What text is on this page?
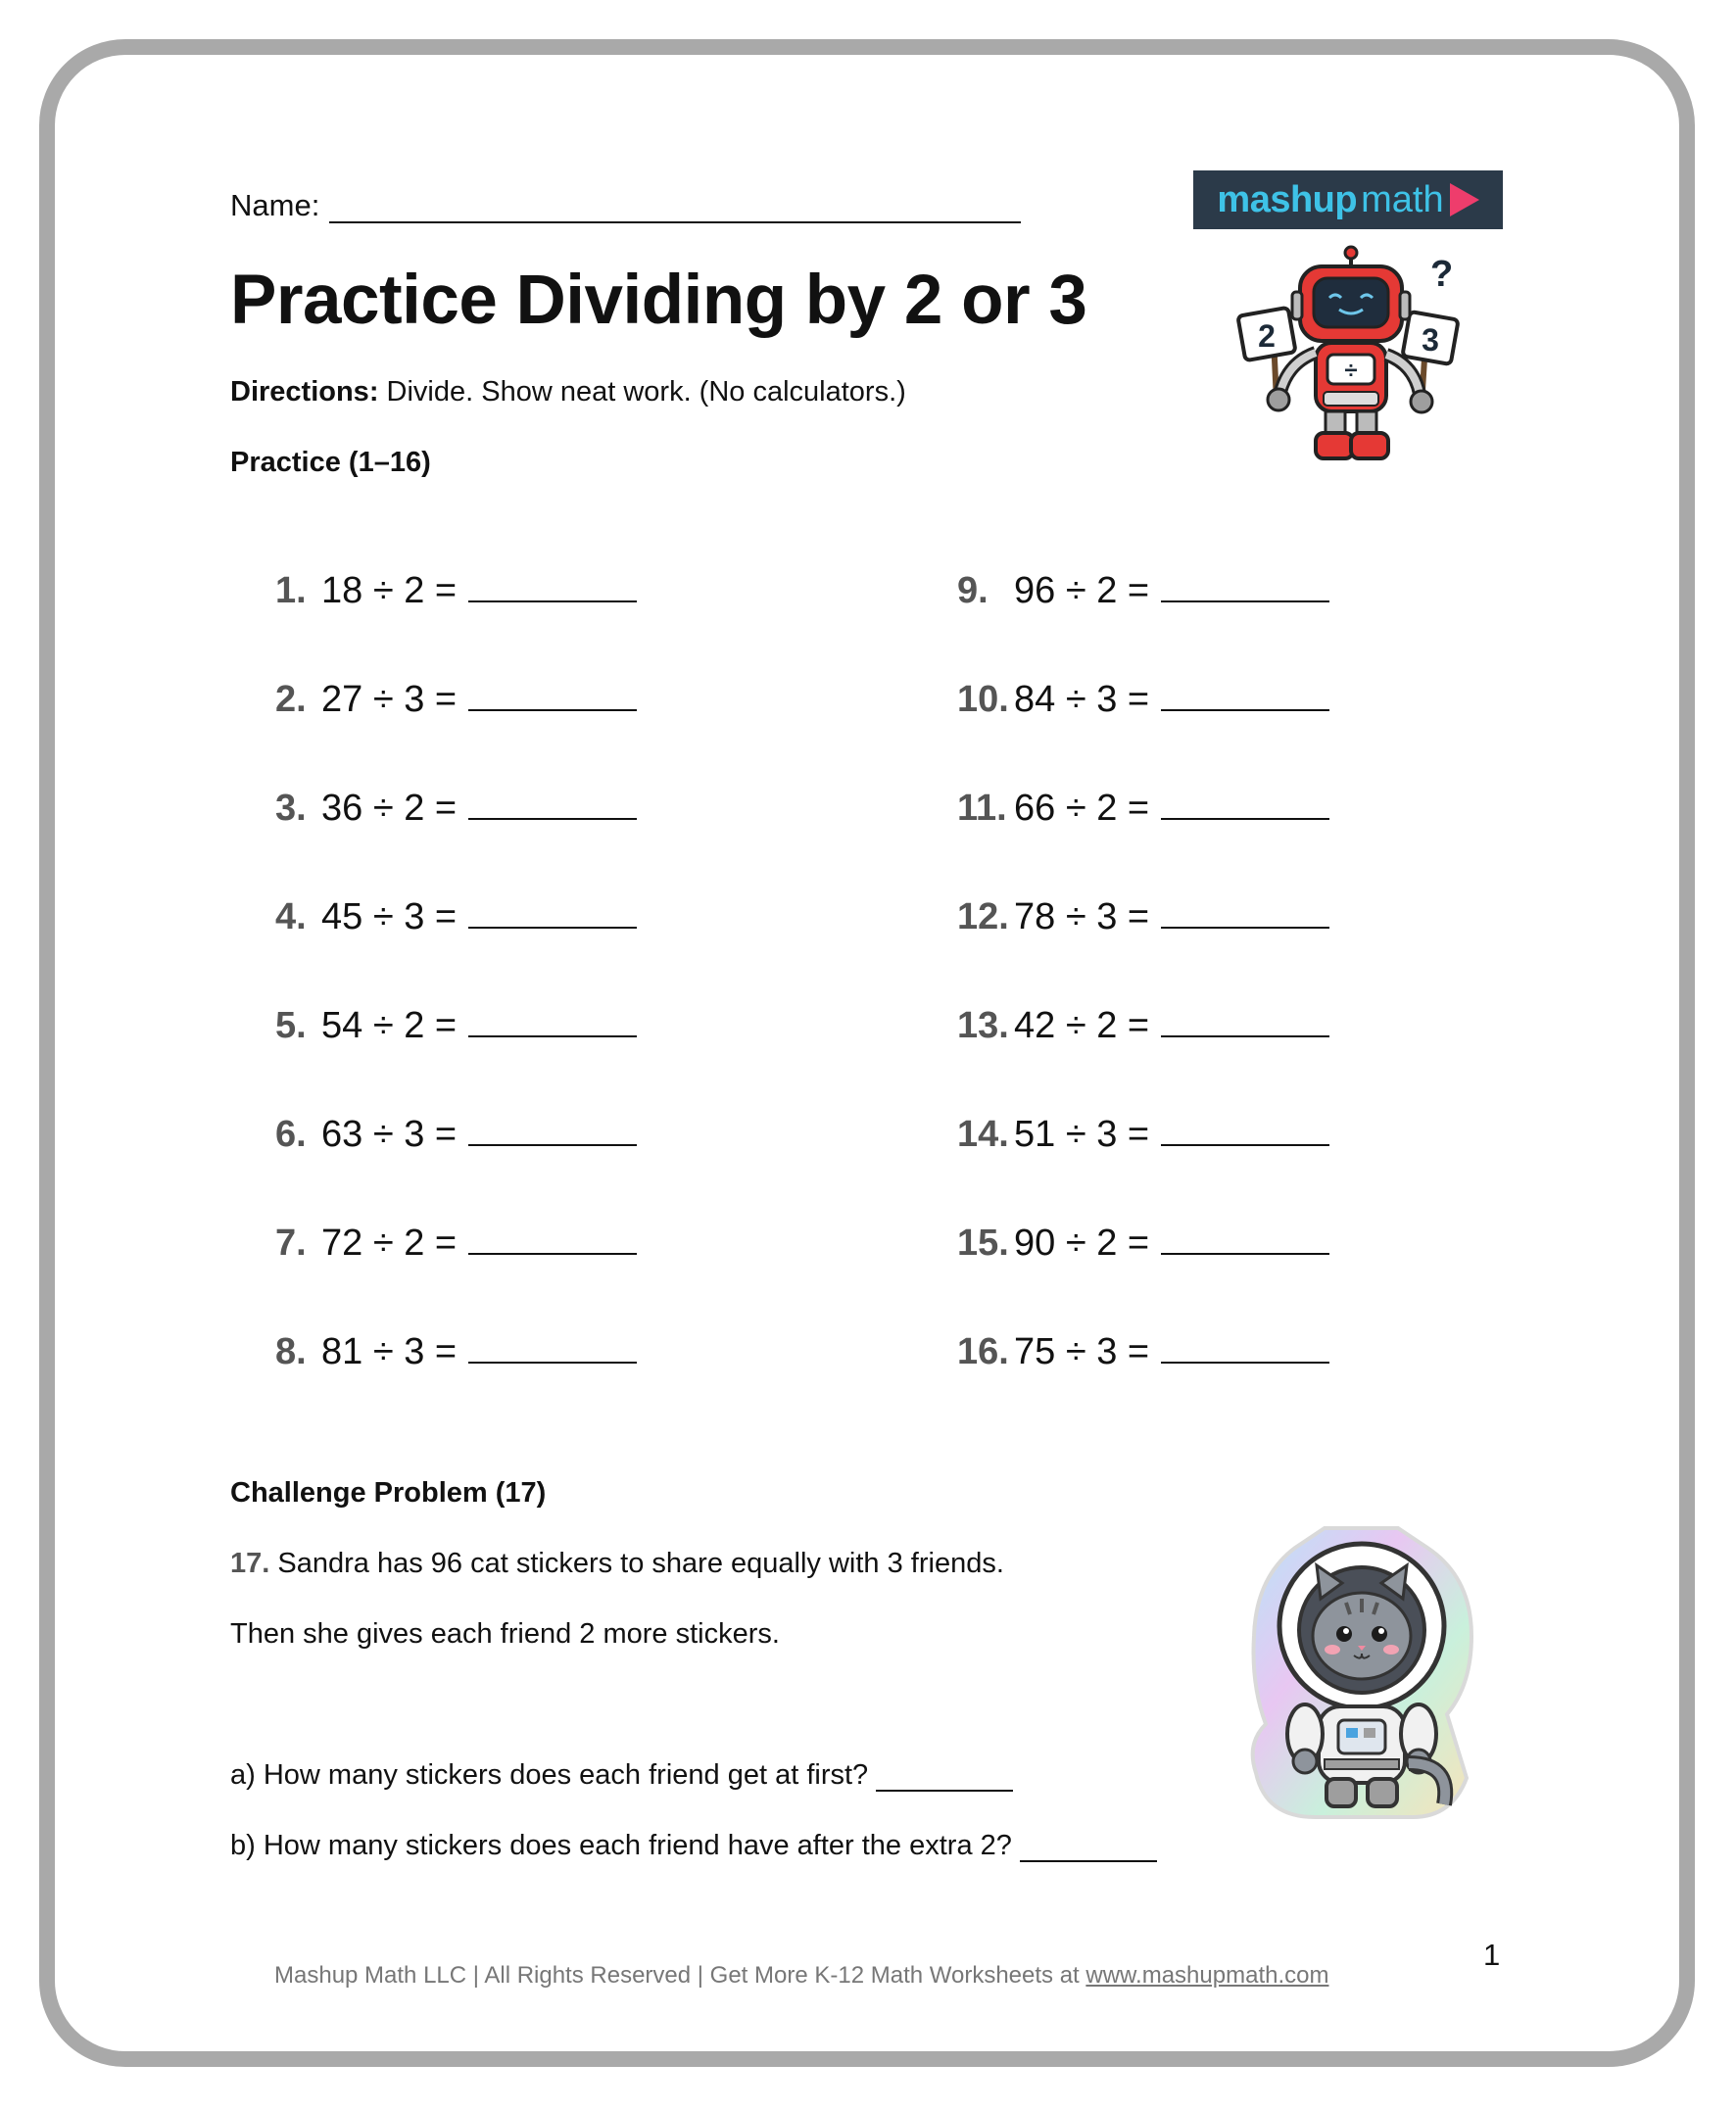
Name:	mashup math
2	3
?
÷
Practice Dividing by 2 or 3
Directions: Divide. Show neat work. (No calculators.)
Practice (1–16)
1. 18 ÷ 2 =
2. 27 ÷ 3 =
3. 36 ÷ 2 =
4. 45 ÷ 3 =
5. 54 ÷ 2 =
6. 63 ÷ 3 =
7. 72 ÷ 2 =
8. 81 ÷ 3 =
9. 96 ÷ 2 =
10. 84 ÷ 3 =
11. 66 ÷ 2 =
12. 78 ÷ 3 =
13. 42 ÷ 2 =
14. 51 ÷ 3 =
15. 90 ÷ 2 =
16. 75 ÷ 3 =
Challenge Problem (17)
17. Sandra has 96 cat stickers to share equally with 3 friends.
Then she gives each friend 2 more stickers.
a) How many stickers does each friend get at first?
b) How many stickers does each friend have after the extra 2?
1
Mashup Math LLC | All Rights Reserved | Get More K-12 Math Worksheets at www.mashupmath.com
